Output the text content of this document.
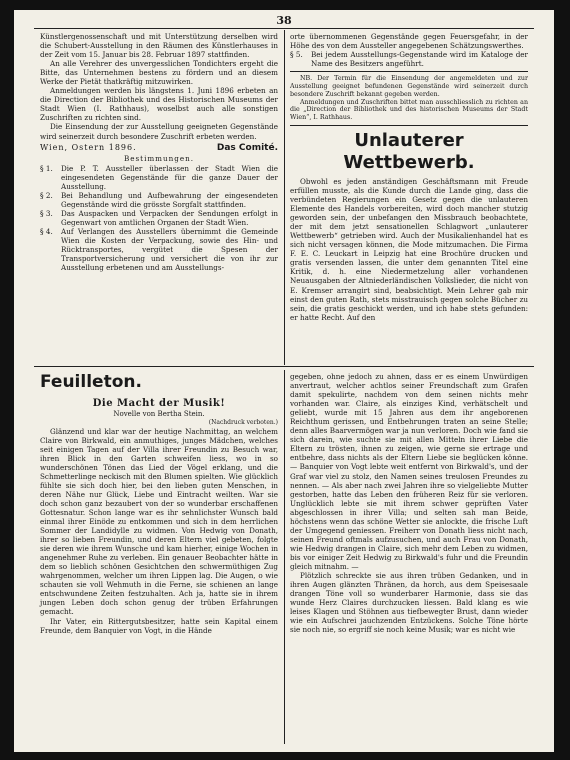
38

Künstlergenossenschaft und mit Unterstützung derselben wird die Schubert-Ausstellung in den Räumen des Künstlerhauses in der Zeit vom 15. Januar bis 28. Februar 1897 stattfinden.

An alle Verehrer des unvergesslichen Tondichters ergeht die Bitte, das Unternehmen bestens zu fördern und an diesem Werke der Pietät thatkräftig mitzuwirken.

Anmeldungen werden bis längstens 1. Juni 1896 erbeten an die Direction der Bibliothek und des Historischen Museums der Stadt Wien (I. Rathhaus), woselbst auch alle sonstigen Zuschriften zu richten sind.

Die Einsendung der zur Ausstellung geeigneten Gegenstände wird seinerzeit durch besondere Zuschrift erbeten werden.

Wien, Ostern 1896.	Das Comité.
Bestimmungen.
§ 1.	Die P. T. Aussteller überlassen der Stadt Wien die eingesendeten Gegenstände für die ganze Dauer der Ausstellung.
§ 2.	Bei Behandlung und Aufbewahrung der eingesendeten Gegenstände wird die grösste Sorgfalt stattfinden.
§ 3.	Das Auspacken und Verpacken der Sendungen erfolgt in Gegenwart von amtlichen Organen der Stadt Wien.
§ 4.	Auf Verlangen des Ausstellers übernimmt die Gemeinde Wien die Kosten der Verpackung, sowie des Hin- und Rücktransportes, vergütet die Spesen der Transportversicherung und versichert die von ihr zur Ausstellung erbetenen und am Ausstellungs-

orte übernommenen Gegenstände gegen Feuersgefahr, in der Höhe des von dem Aussteller angegebenen Schätzungswerthes.

§ 5.	Bei jedem Ausstellungs-Gegenstande wird im Kataloge der Name des Besitzers angeführt.

NB. Der Termin für die Einsendung der angemeldeten und zur Ausstellung geeignet befundenen Gegenstände wird seinerzeit durch besondere Zuschrift bekannt gegeben werden.

Anmeldungen und Zuschriften bittet man ausschliesslich zu richten an die „Direction der Bibliothek und des historischen Museums der Stadt Wien“, I. Rathhaus.

Unlauterer Wettbewerb.

Obwohl es jeden anständigen Geschäftsmann mit Freude erfüllen musste, als die Kunde durch die Lande ging, dass die verbündeten Regierungen ein Gesetz gegen die unlauteren Elemente des Handels vorbereiten, wird doch mancher stutzig geworden sein, der unbefangen den Missbrauch beobachtete, der mit dem jetzt sensationellen Schlagwort „unlauterer Wettbewerb“ getrieben wird. Auch der Musikalienhandel hat es sich nicht versagen können, die Mode mitzumachen. Die Firma F. E. C. Leuckart in Leipzig hat eine Brochüre drucken und gratis versenden lassen, die unter dem genannten Titel eine Kritik, d. h. eine Niedermetzelung aller vorhandenen Neuausgaben der Altniederländischen Volkslieder, die nicht von E. Kremser arrangirt sind, beabsichtigt. Mein Lehrer gab mir einst den guten Rath, stets misstrauisch gegen solche Bücher zu sein, die gratis geschickt werden, und ich habe stets gefunden: er hatte Recht. Auf den

Feuilleton.
Die Macht der Musik!
Novelle von Bertha Stein.
(Nachdruck verboten.)

Glänzend und klar war der heutige Nachmittag, an welchem Claire von Birkwald, ein anmuthiges, junges Mädchen, welches seit einigen Tagen auf der Villa ihrer Freundin zu Besuch war, ihren Blick in den Garten schweifen liess, wo in so wunderschönen Tönen das Lied der Vögel erklang, und die Schmetterlinge neckisch mit den Blumen spielten. Wie glücklich fühlte sie sich doch hier, bei den lieben guten Menschen, in deren Nähe nur Glück, Liebe und Eintracht weilten. War sie doch schon ganz bezaubert von der so wunderbar erschaffenen Gottesnatur. Schon lange war es ihr sehnlichster Wunsch bald einmal ihrer Einöde zu entkommen und sich in dem herrlichen Sommer der Landidylle zu widmen. Von Hedwig von Donath, ihrer so lieben Freundin, und deren Eltern viel gebeten, folgte sie deren wie ihrem Wunsche und kam hierher, einige Wochen in angenehmer Ruhe zu verleben. Ein genauer Beobachter hätte in dem so lieblich schönen Gesichtchen den schwermüthigen Zug wahrgenommen, welcher um ihren Lippen lag. Die Augen, o wie schauten sie voll Wehmuth in die Ferne, sie schienen an lange entschwundene Zeiten festzuhalten. Ach ja, hatte sie in ihrem jungen Leben doch schon genug der trüben Erfahrungen gemacht.

Ihr Vater, ein Rittergutsbesitzer, hatte sein Kapital einem Freunde, dem Banquier von Vogt, in die Hände

gegeben, ohne jedoch zu ahnen, dass er es einem Unwürdigen anvertraut, welcher achtlos seiner Freundschaft zum Grafen damit spekulirte, nachdem von dem seinen nichts mehr vorhanden war. Claire, als einziges Kind, verhätschelt und geliebt, wurde mit 15 Jahren aus dem ihr angeborenen Reichthum gerissen, und Entbehrungen traten an seine Stelle; denn alles Baarvermögen war ja nun verloren. Doch wie fand sie sich darein, wie suchte sie mit allen Mitteln ihrer Liebe die Eltern zu trösten, ihnen zu zeigen, wie gerne sie ertrage und entbehre, dass nichts als der Eltern Liebe sie beglücken könne. — Banquier von Vogt lebte weit entfernt von Birkwald's, und der Graf war viel zu stolz, den Namen seines treulosen Freundes zu nennen. — Als aber nach zwei Jahren ihre so vielgeliebte Mutter gestorben, hatte das Leben den früheren Reiz für sie verloren. Unglücklich lebte sie mit ihrem schwer geprüften Vater abgeschlossen in ihrer Villa; und selten sah man Beide, höchstens wenn das schöne Wetter sie anlockte, die frische Luft der Umgegend geniessen. Freiherr von Donath liess nicht nach, seinen Freund oftmals aufzusuchen, und auch Frau von Donath, wie Hedwig drangen in Claire, sich mehr dem Leben zu widmen, bis vor einiger Zeit Hedwig zu Birkwald's fuhr und die Freundin gleich mitnahm. —

Plötzlich schreckte sie aus ihren trüben Gedanken, und in ihren Augen glänzten Thränen, da horch, aus dem Speisesaale drangen Töne voll so wunderbarer Harmonie, dass sie das wunde Herz Claires durchzucken liessen. Bald klang es wie leises Klagen und Stöhnen aus tiefbewegter Brust, dann wieder wie ein Aufschrei jauchzenden Entzückens. Solche Töne hörte sie noch nie, so ergriff sie noch keine Musik; war es nicht wie
